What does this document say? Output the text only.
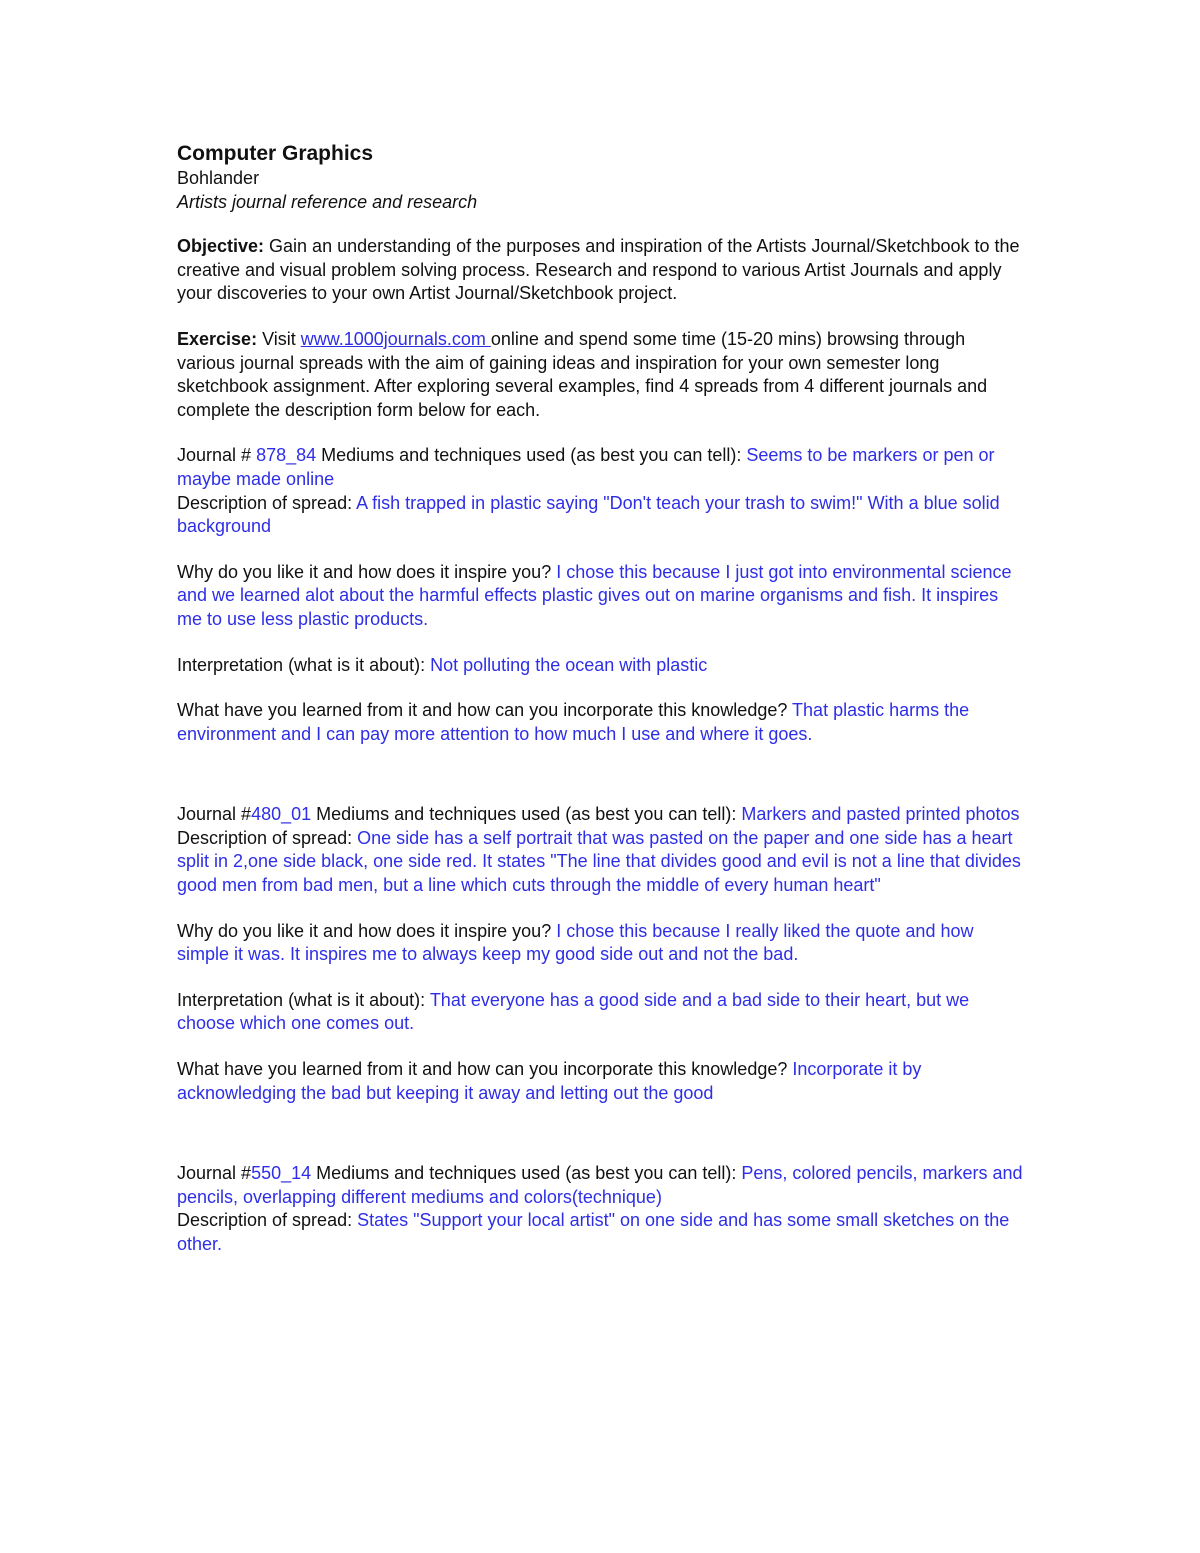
Computer Graphics
Bohlander
Artists journal reference and research
Objective: Gain an understanding of the purposes and inspiration of the Artists Journal/Sketchbook to the creative and visual problem solving process. Research and respond to various Artist Journals and apply your discoveries to your own Artist Journal/Sketchbook project.
Exercise: Visit www.1000journals.com online and spend some time (15-20 mins) browsing through various journal spreads with the aim of gaining ideas and inspiration for your own semester long sketchbook assignment. After exploring several examples, find 4 spreads from 4 different journals and complete the description form below for each.
Journal # 878_84 Mediums and techniques used (as best you can tell): Seems to be markers or pen or maybe made online
Description of spread: A fish trapped in plastic saying "Don't teach your trash to swim!" With a blue solid background
Why do you like it and how does it inspire you? I chose this because I just got into environmental science and we learned alot about the harmful effects plastic gives out on marine organisms and fish. It inspires me to use less plastic products.
Interpretation (what is it about): Not polluting the ocean with plastic
What have you learned from it and how can you incorporate this knowledge? That plastic harms the environment and I can pay more attention to how much I use and where it goes.
Journal #480_01 Mediums and techniques used (as best you can tell): Markers and pasted printed photos
Description of spread: One side has a self portrait that was pasted on the paper and one side has a heart split in 2,one side black, one side red. It states "The line that divides good and evil is not a line that divides good men from bad men, but a line which cuts through the middle of every human heart"
Why do you like it and how does it inspire you? I chose this because I really liked the quote and how simple it was. It inspires me to always keep my good side out and not the bad.
Interpretation (what is it about): That everyone has a good side and a bad side to their heart, but we choose which one comes out.
What have you learned from it and how can you incorporate this knowledge? Incorporate it by acknowledging the bad but keeping it away and letting out the good
Journal #550_14 Mediums and techniques used (as best you can tell): Pens, colored pencils, markers and pencils, overlapping different mediums and colors(technique)
Description of spread: States "Support your local artist" on one side and has some small sketches on the other.
